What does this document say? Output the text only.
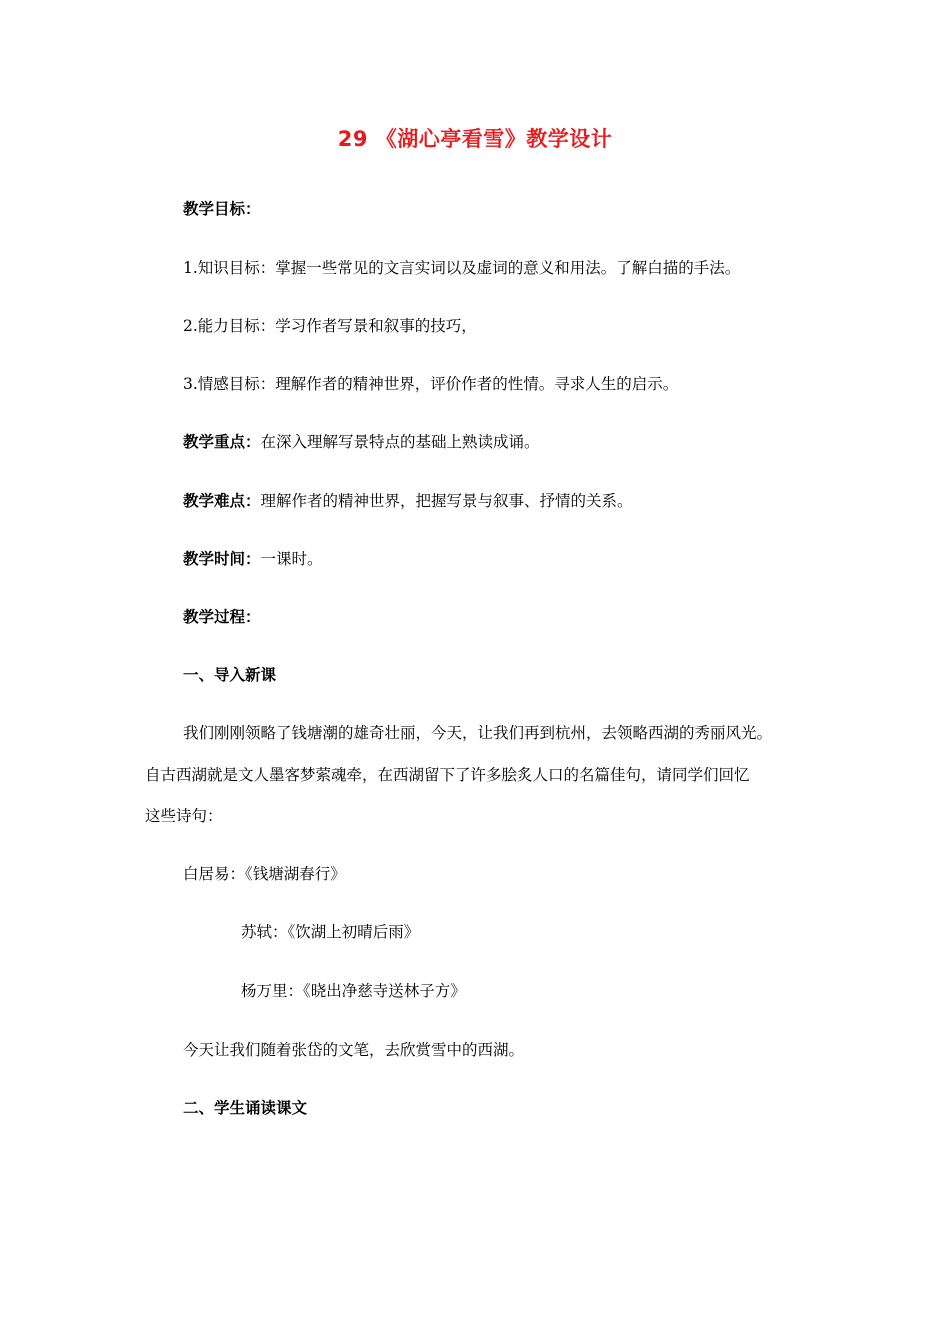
29 《湖心亭看雪》教学设计
教学目标：
1.知识目标：掌握一些常见的文言实词以及虚词的意义和用法。了解白描的手法。
2.能力目标：学习作者写景和叙事的技巧，
3.情感目标：理解作者的精神世界，评价作者的性情。寻求人生的启示。
教学重点：在深入理解写景特点的基础上熟读成诵。
教学难点：理解作者的精神世界，把握写景与叙事、抒情的关系。
教学时间：一课时。
教学过程：
一、导入新课
我们刚刚领略了钱塘潮的雄奇壮丽，今天，让我们再到杭州，去领略西湖的秀丽风光。
自古西湖就是文人墨客梦萦魂牵，在西湖留下了许多脍炙人口的名篇佳句，请同学们回忆
这些诗句：
白居易：《钱塘湖春行》
苏轼：《饮湖上初晴后雨》
杨万里：《晓出净慈寺送林子方》
今天让我们随着张岱的文笔，去欣赏雪中的西湖。
二、学生诵读课文
